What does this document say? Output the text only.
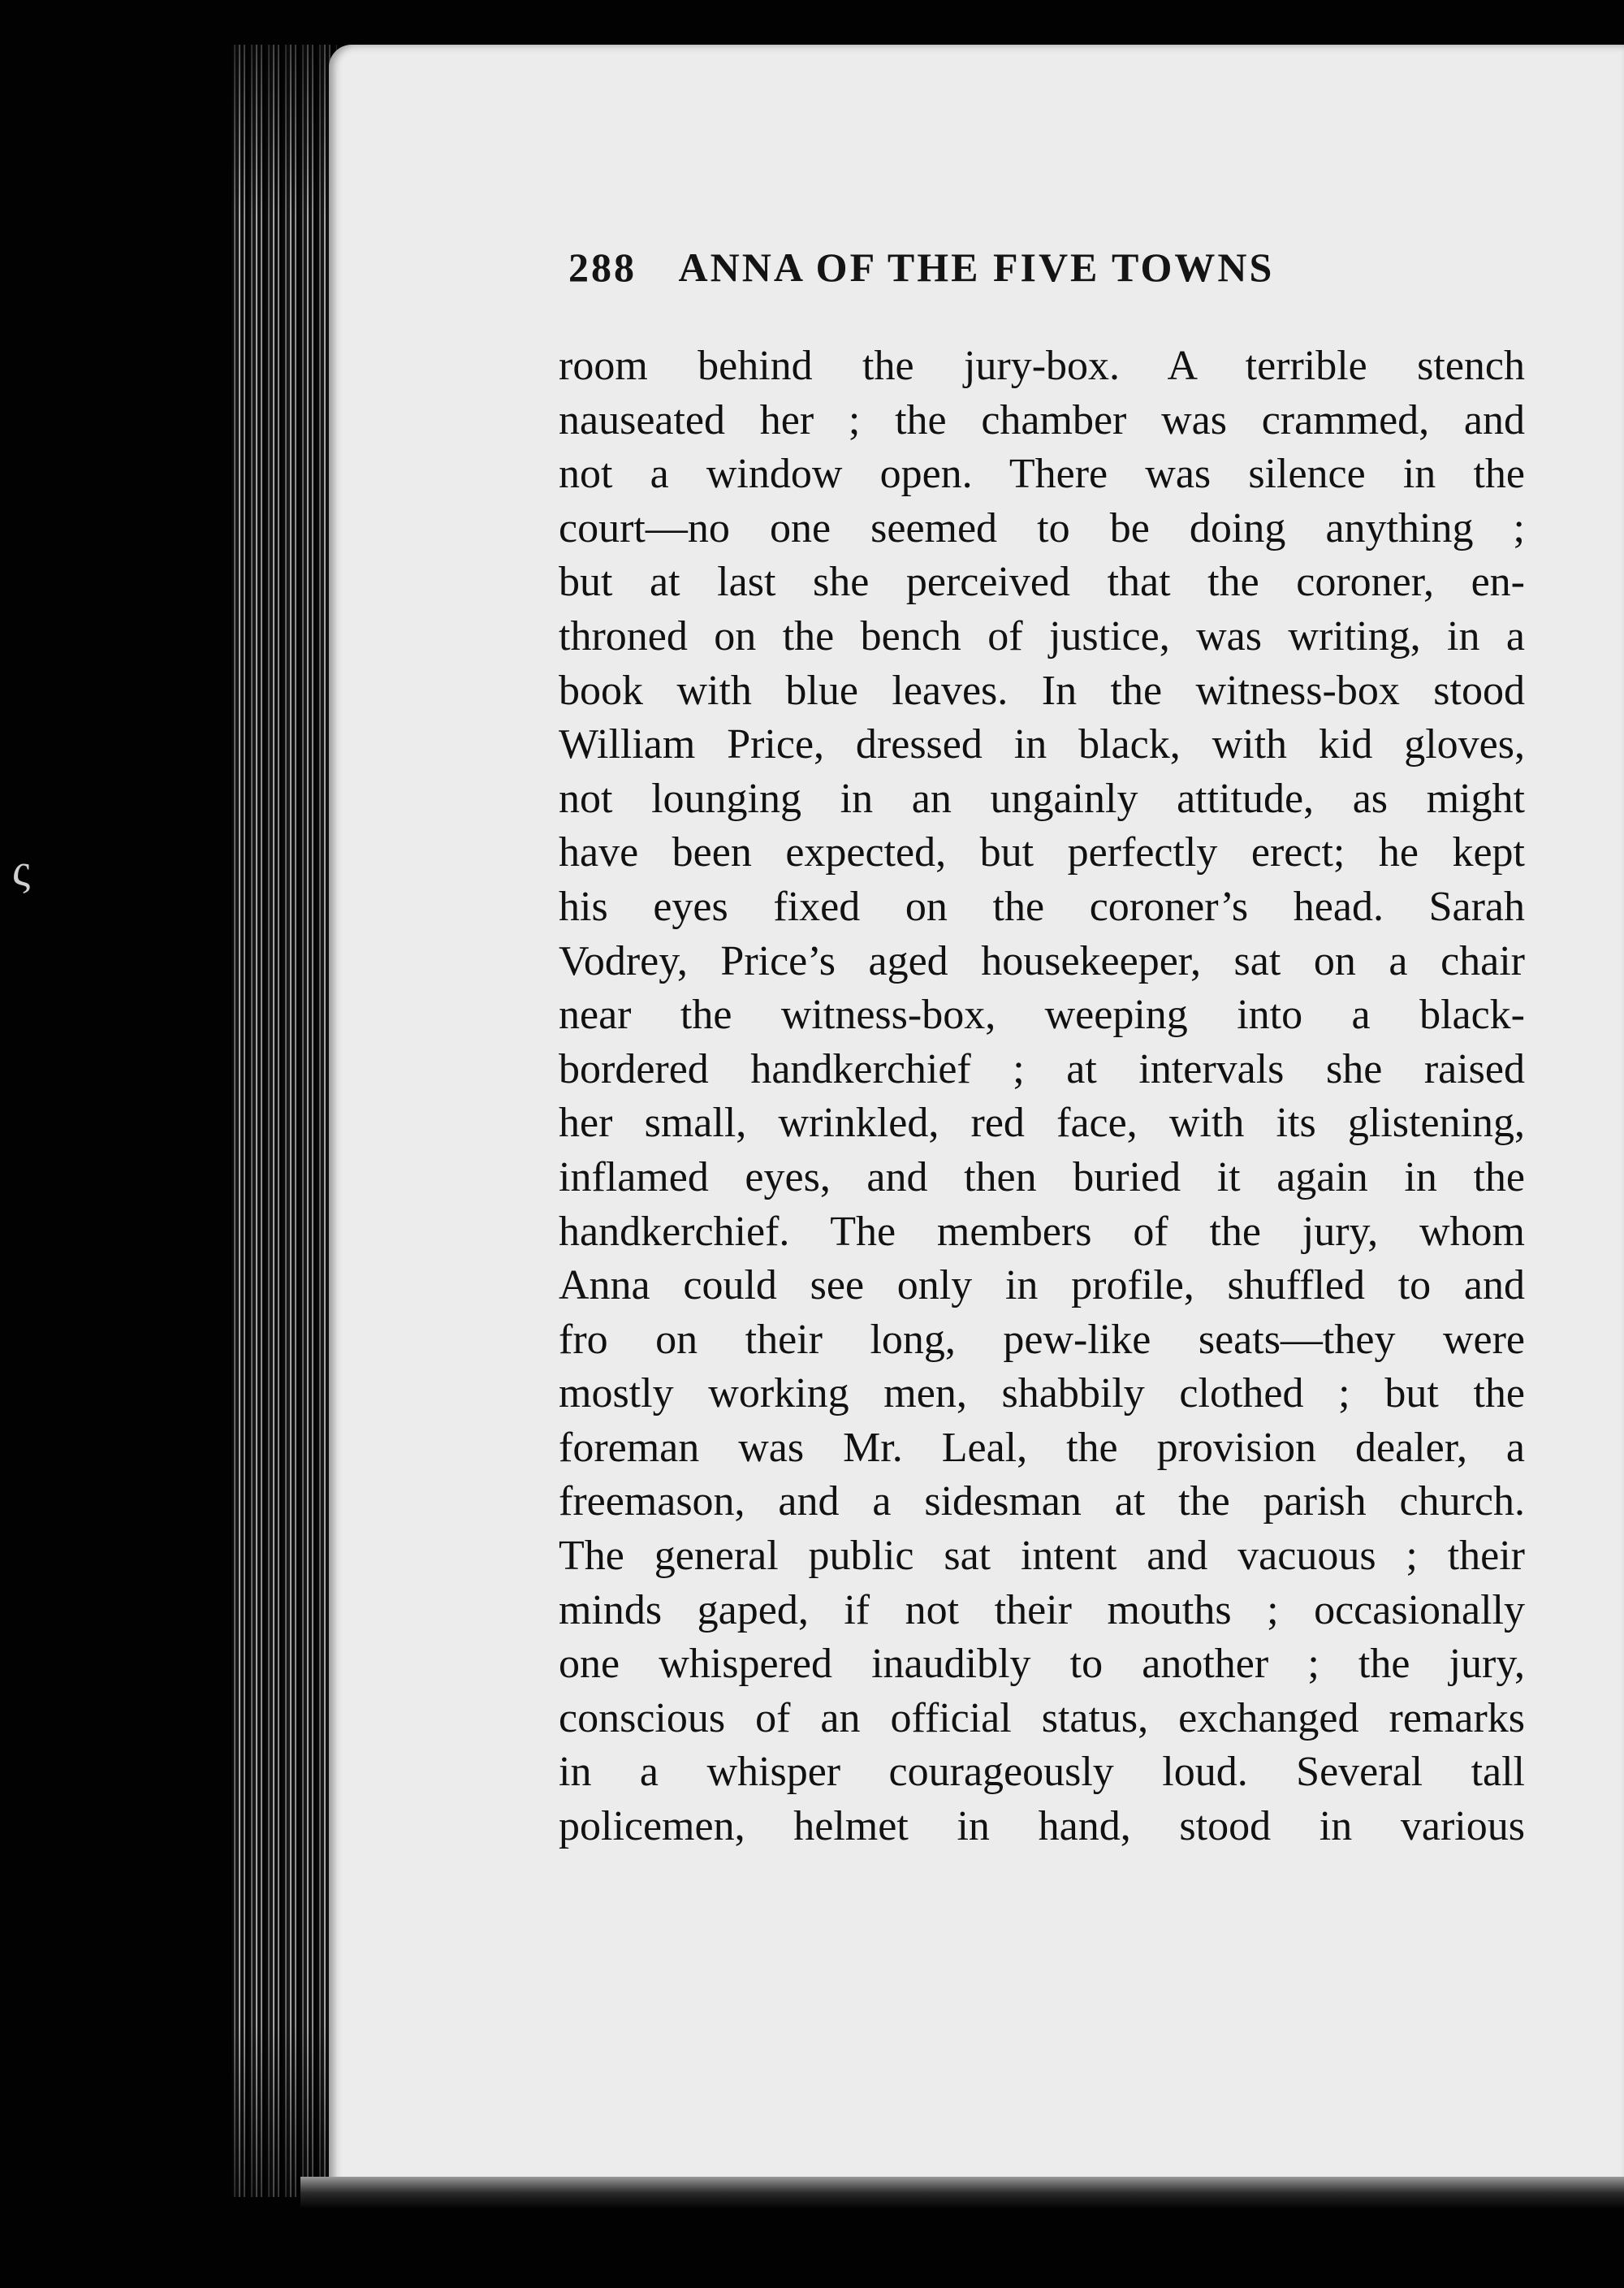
ς
288 ANNA OF THE FIVE TOWNS
room behind the jury-box. A terrible stench
nauseated her ; the chamber was crammed, and
not a window open. There was silence in the
court—no one seemed to be doing anything ;
but at last she perceived that the coroner, en-
throned on the bench of justice, was writing, in a
book with blue leaves. In the witness-box stood
William Price, dressed in black, with kid gloves,
not lounging in an ungainly attitude, as might
have been expected, but perfectly erect; he kept
his eyes fixed on the coroner’s head. Sarah
Vodrey, Price’s aged housekeeper, sat on a chair
near the witness-box, weeping into a black-
bordered handkerchief ; at intervals she raised
her small, wrinkled, red face, with its glistening,
inflamed eyes, and then buried it again in the
handkerchief. The members of the jury, whom
Anna could see only in profile, shuffled to and
fro on their long, pew-like seats—they were
mostly working men, shabbily clothed ; but the
foreman was Mr. Leal, the provision dealer, a
freemason, and a sidesman at the parish church.
The general public sat intent and vacuous ; their
minds gaped, if not their mouths ; occasionally
one whispered inaudibly to another ; the jury,
conscious of an official status, exchanged remarks
in a whisper courageously loud. Several tall
policemen, helmet in hand, stood in various
